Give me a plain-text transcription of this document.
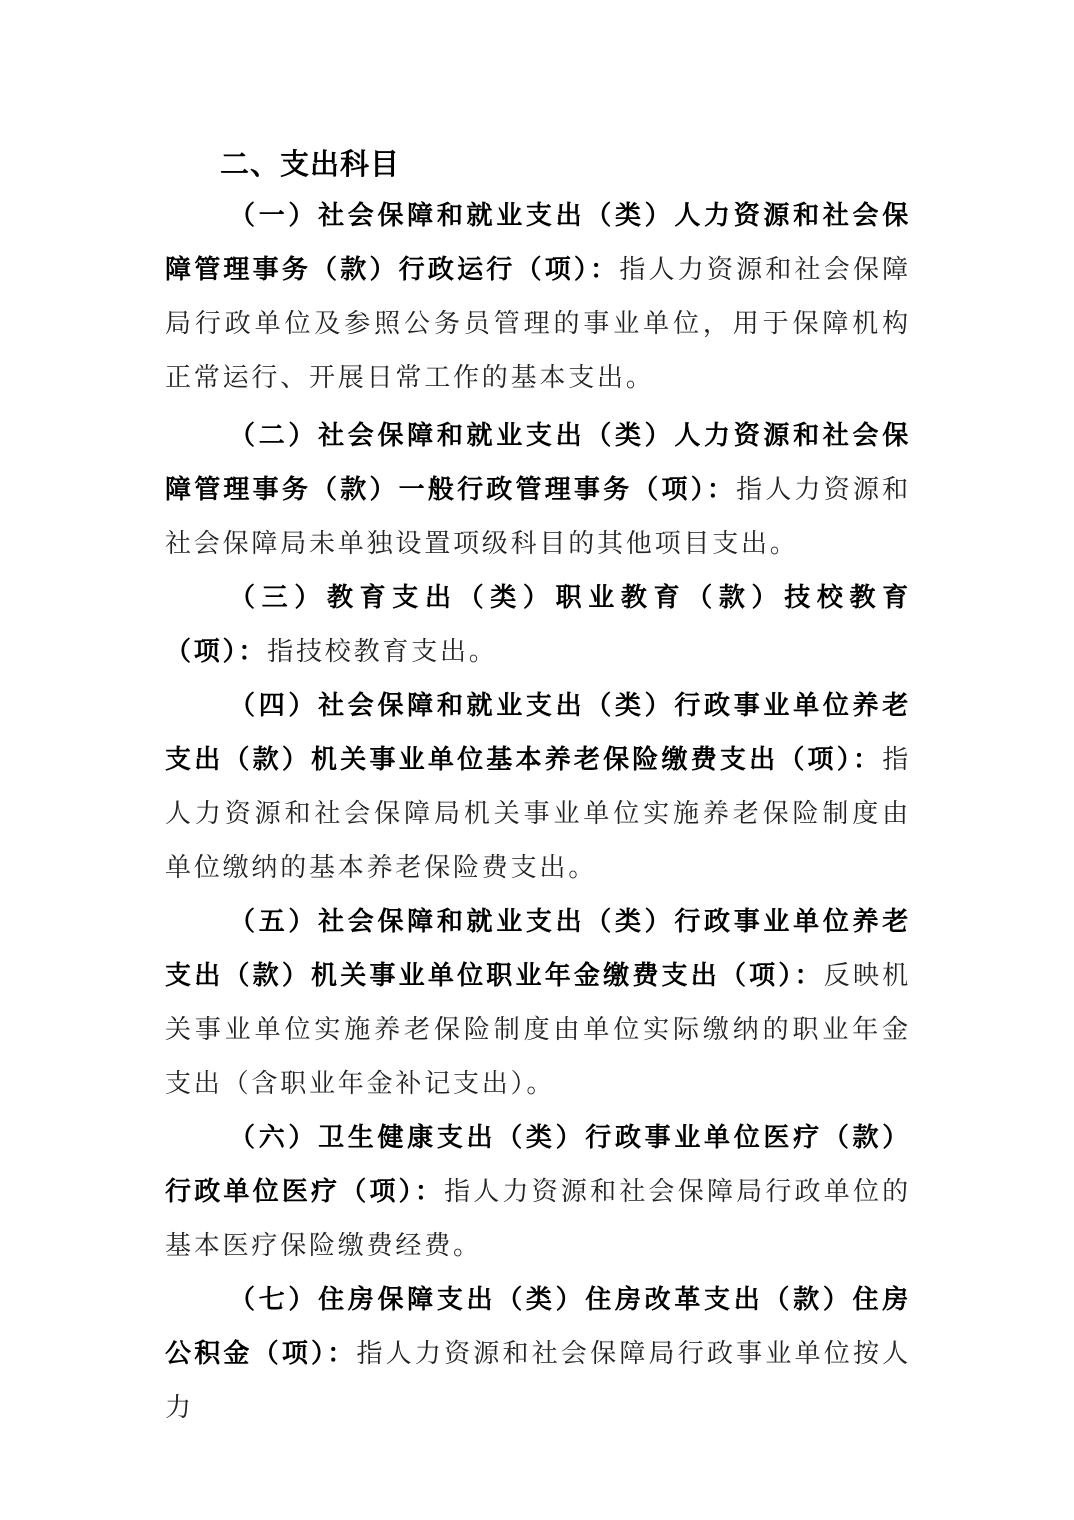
二、支出科目

（一）社会保障和就业支出（类）人力资源和社会保障管理事务（款）行政运行（项）：指人力资源和社会保障局行政单位及参照公务员管理的事业单位，用于保障机构正常运行、开展日常工作的基本支出。

（二）社会保障和就业支出（类）人力资源和社会保障管理事务（款）一般行政管理事务（项）：指人力资源和社会保障局未单独设置项级科目的其他项目支出。

（三）教育支出（类）职业教育（款）技校教育（项）：指技校教育支出。

（四）社会保障和就业支出（类）行政事业单位养老支出（款）机关事业单位基本养老保险缴费支出（项）：指人力资源和社会保障局机关事业单位实施养老保险制度由单位缴纳的基本养老保险费支出。

（五）社会保障和就业支出（类）行政事业单位养老支出（款）机关事业单位职业年金缴费支出（项）：反映机关事业单位实施养老保险制度由单位实际缴纳的职业年金支出（含职业年金补记支出）。

（六）卫生健康支出（类）行政事业单位医疗（款）行政单位医疗（项）：指人力资源和社会保障局行政单位的基本医疗保险缴费经费。

（七）住房保障支出（类）住房改革支出（款）住房公积金（项）：指人力资源和社会保障局行政事业单位按人力
